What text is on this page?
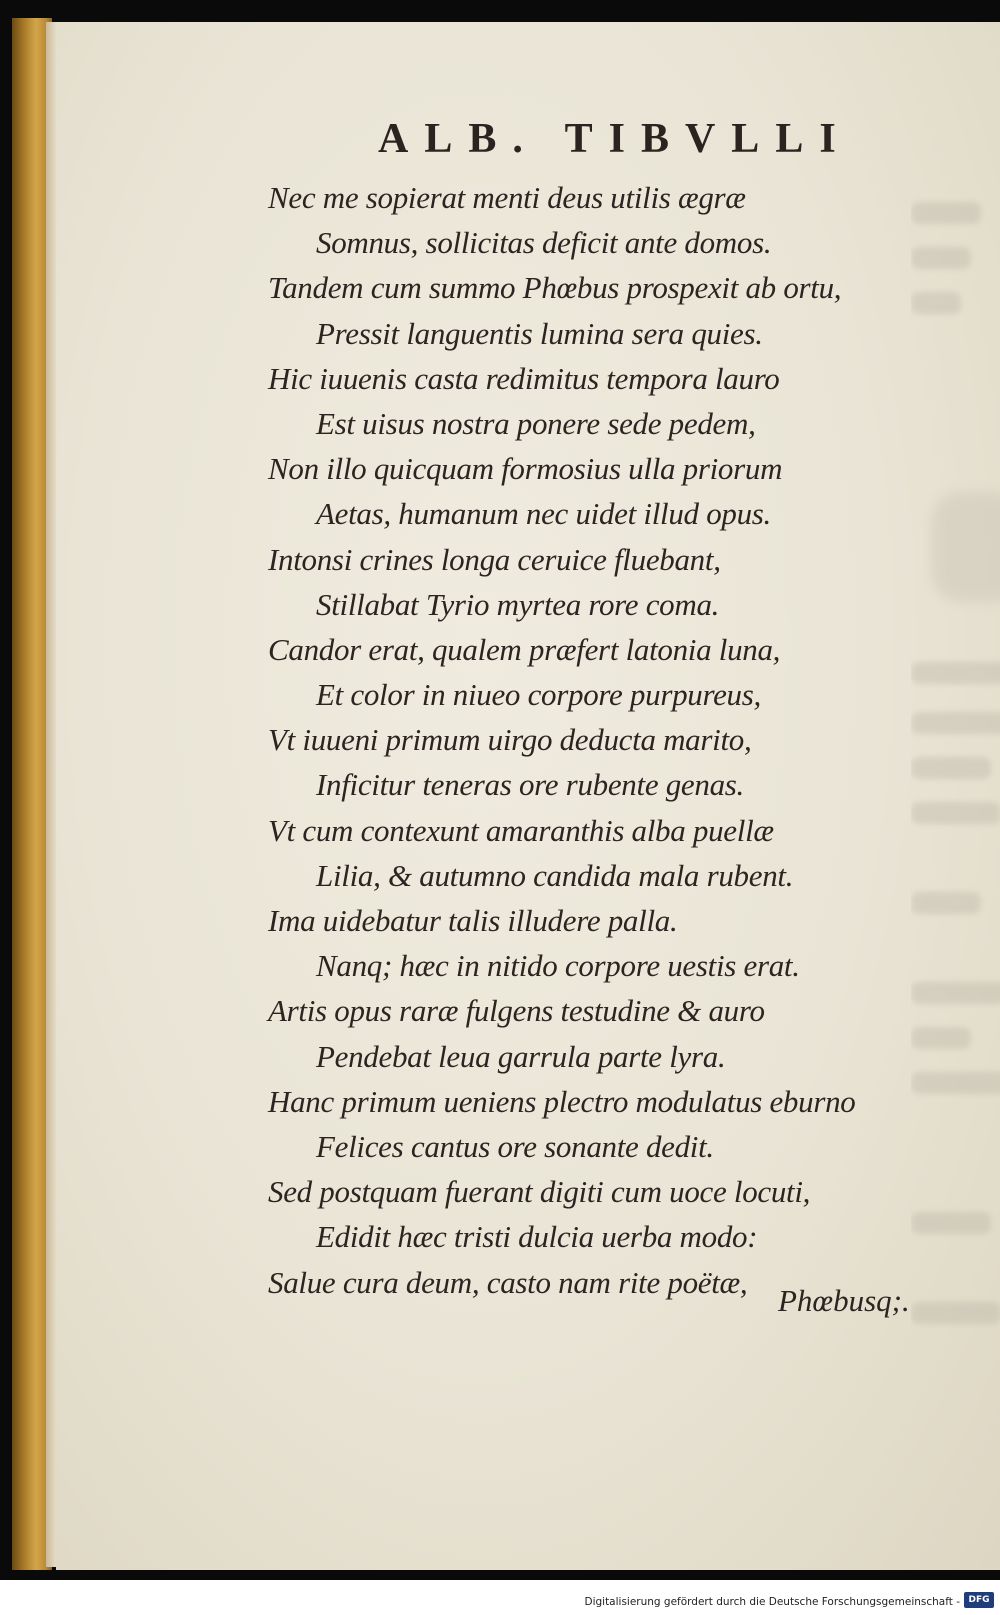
ALB. TIBVLLI
Nec me sopierat menti deus utilis ægræ
Somnus, sollicitas deficit ante domos.
Tandem cum summo Phœbus prospexit ab ortu,
Pressit languentis lumina sera quies.
Hic iuuenis casta redimitus tempora lauro
Est uisus nostra ponere sede pedem,
Non illo quicquam formosius ulla priorum
Aetas, humanum nec uidet illud opus.
Intonsi crines longa ceruice fluebant,
Stillabat Tyrio myrtea rore coma.
Candor erat, qualem præfert latonia luna,
Et color in niueo corpore purpureus,
Vt iuueni primum uirgo deducta marito,
Inficitur teneras ore rubente genas.
Vt cum contexunt amaranthis alba puellæ
Lilia, & autumno candida mala rubent.
Ima uidebatur talis illudere palla.
Nanq; hæc in nitido corpore uestis erat.
Artis opus raræ fulgens testudine & auro
Pendebat leua garrula parte lyra.
Hanc primum ueniens plectro modulatus eburno
Felices cantus ore sonante dedit.
Sed postquam fuerant digiti cum uoce locuti,
Edidit hæc tristi dulcia uerba modo:
Salue cura deum, casto nam rite poëtæ,
Phœbusq;.
Digitalisierung gefördert durch die Deutsche Forschungsgemeinschaft - DFG
